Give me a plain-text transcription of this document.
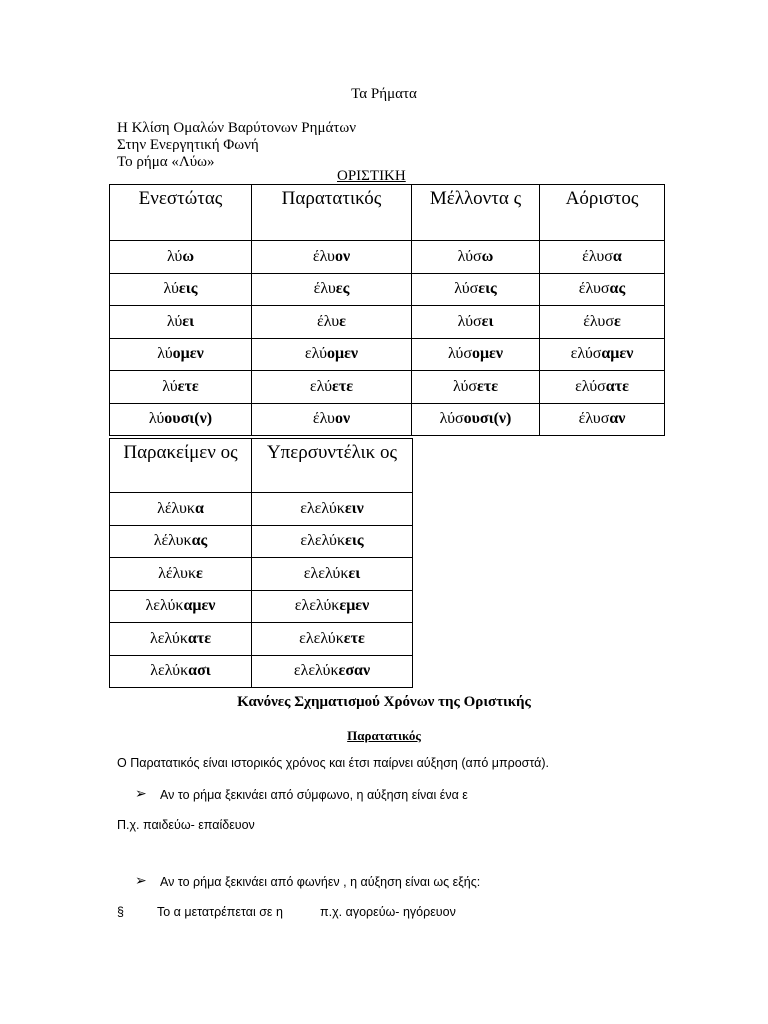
Τα Ρήματα
Η Κλίση Ομαλών Βαρύτονων Ρημάτων
Στην Ενεργητική Φωνή
Το ρήμα «Λύω»
ΟΡΙΣΤΙΚΗ
Ενεστώτας	Παρατατικός	Μέλλοντα ς	Αόριστος
λύω	έλυον	λύσω	έλυσα
λύεις	έλυες	λύσεις	έλυσας
λύει	έλυε	λύσει	έλυσε
λύομεν	ελύομεν	λύσομεν	ελύσαμεν
λύετε	ελύετε	λύσετε	ελύσατε
λύουσι(ν)	έλυον	λύσουσι(ν)	έλυσαν
Παρακείμεν ος	Υπερσυντέλικ ος
λέλυκα	ελελύκειν
λέλυκας	ελελύκεις
λέλυκε	ελελύκει
λελύκαμεν	ελελύκεμεν
λελύκατε	ελελύκετε
λελύκασι	ελελύκεσαν
Κανόνες Σχηματισμού Χρόνων της Οριστικής
Παρατατικός
Ο Παρατατικός είναι ιστορικός χρόνος και έτσι παίρνει αύξηση (από μπροστά).
➢ Αν το ρήμα ξεκινάει από σύμφωνο, η αύξηση είναι ένα ε
Π.χ. παιδεύω- επαίδευον
➢ Αν το ρήμα ξεκινάει από φωνήεν , η αύξηση είναι ως εξής:
§	Το α μετατρέπεται σε η	π.χ. αγορεύω- ηγόρευον
